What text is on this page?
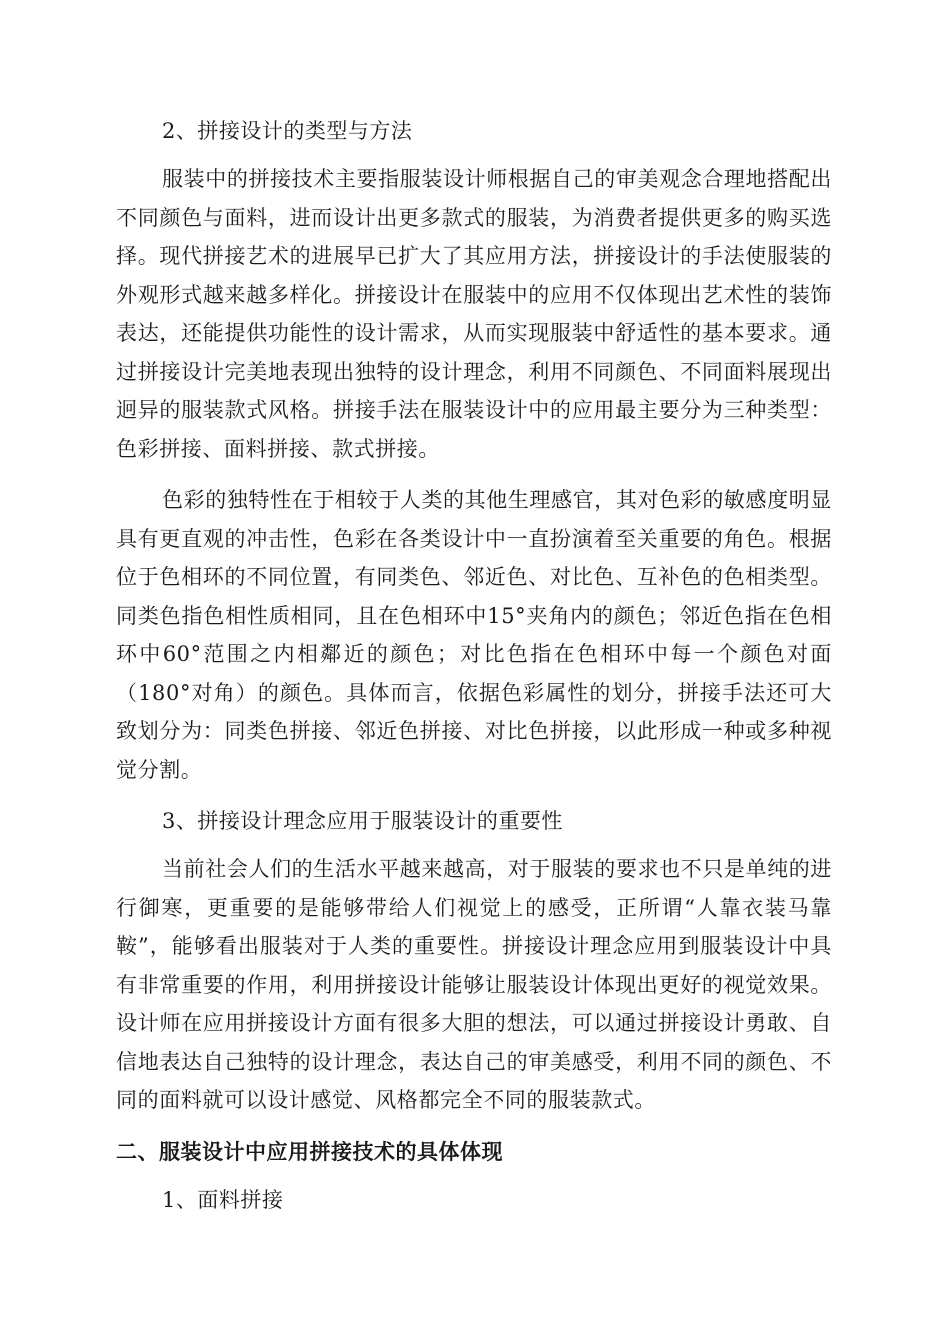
2、拼接设计的类型与方法

服装中的拼接技术主要指服装设计师根据自己的审美观念合理地搭配出不同颜色与面料，进而设计出更多款式的服装，为消费者提供更多的购买选择。现代拼接艺术的进展早已扩大了其应用方法，拼接设计的手法使服装的外观形式越来越多样化。拼接设计在服装中的应用不仅体现出艺术性的装饰表达，还能提供功能性的设计需求，从而实现服装中舒适性的基本要求。通过拼接设计完美地表现出独特的设计理念，利用不同颜色、不同面料展现出迥异的服装款式风格。拼接手法在服装设计中的应用最主要分为三种类型：色彩拼接、面料拼接、款式拼接。

色彩的独特性在于相较于人类的其他生理感官，其对色彩的敏感度明显具有更直观的冲击性，色彩在各类设计中一直扮演着至关重要的角色。根据位于色相环的不同位置，有同类色、邻近色、对比色、互补色的色相类型。同类色指色相性质相同，且在色相环中15°夹角内的颜色；邻近色指在色相环中60°范围之内相鄰近的颜色；对比色指在色相环中每一个颜色对面（180°对角）的颜色。具体而言，依据色彩属性的划分，拼接手法还可大致划分为：同类色拼接、邻近色拼接、对比色拼接，以此形成一种或多种视觉分割。

3、拼接设计理念应用于服装设计的重要性

当前社会人们的生活水平越来越高，对于服装的要求也不只是单纯的进行御寒，更重要的是能够带给人们视觉上的感受，正所谓“人靠衣装马靠鞍”，能够看出服装对于人类的重要性。拼接设计理念应用到服装设计中具有非常重要的作用，利用拼接设计能够让服装设计体现出更好的视觉效果。设计师在应用拼接设计方面有很多大胆的想法，可以通过拼接设计勇敢、自信地表达自己独特的设计理念，表达自己的审美感受，利用不同的颜色、不同的面料就可以设计感觉、风格都完全不同的服装款式。

二、服装设计中应用拼接技术的具体体现

1、面料拼接
